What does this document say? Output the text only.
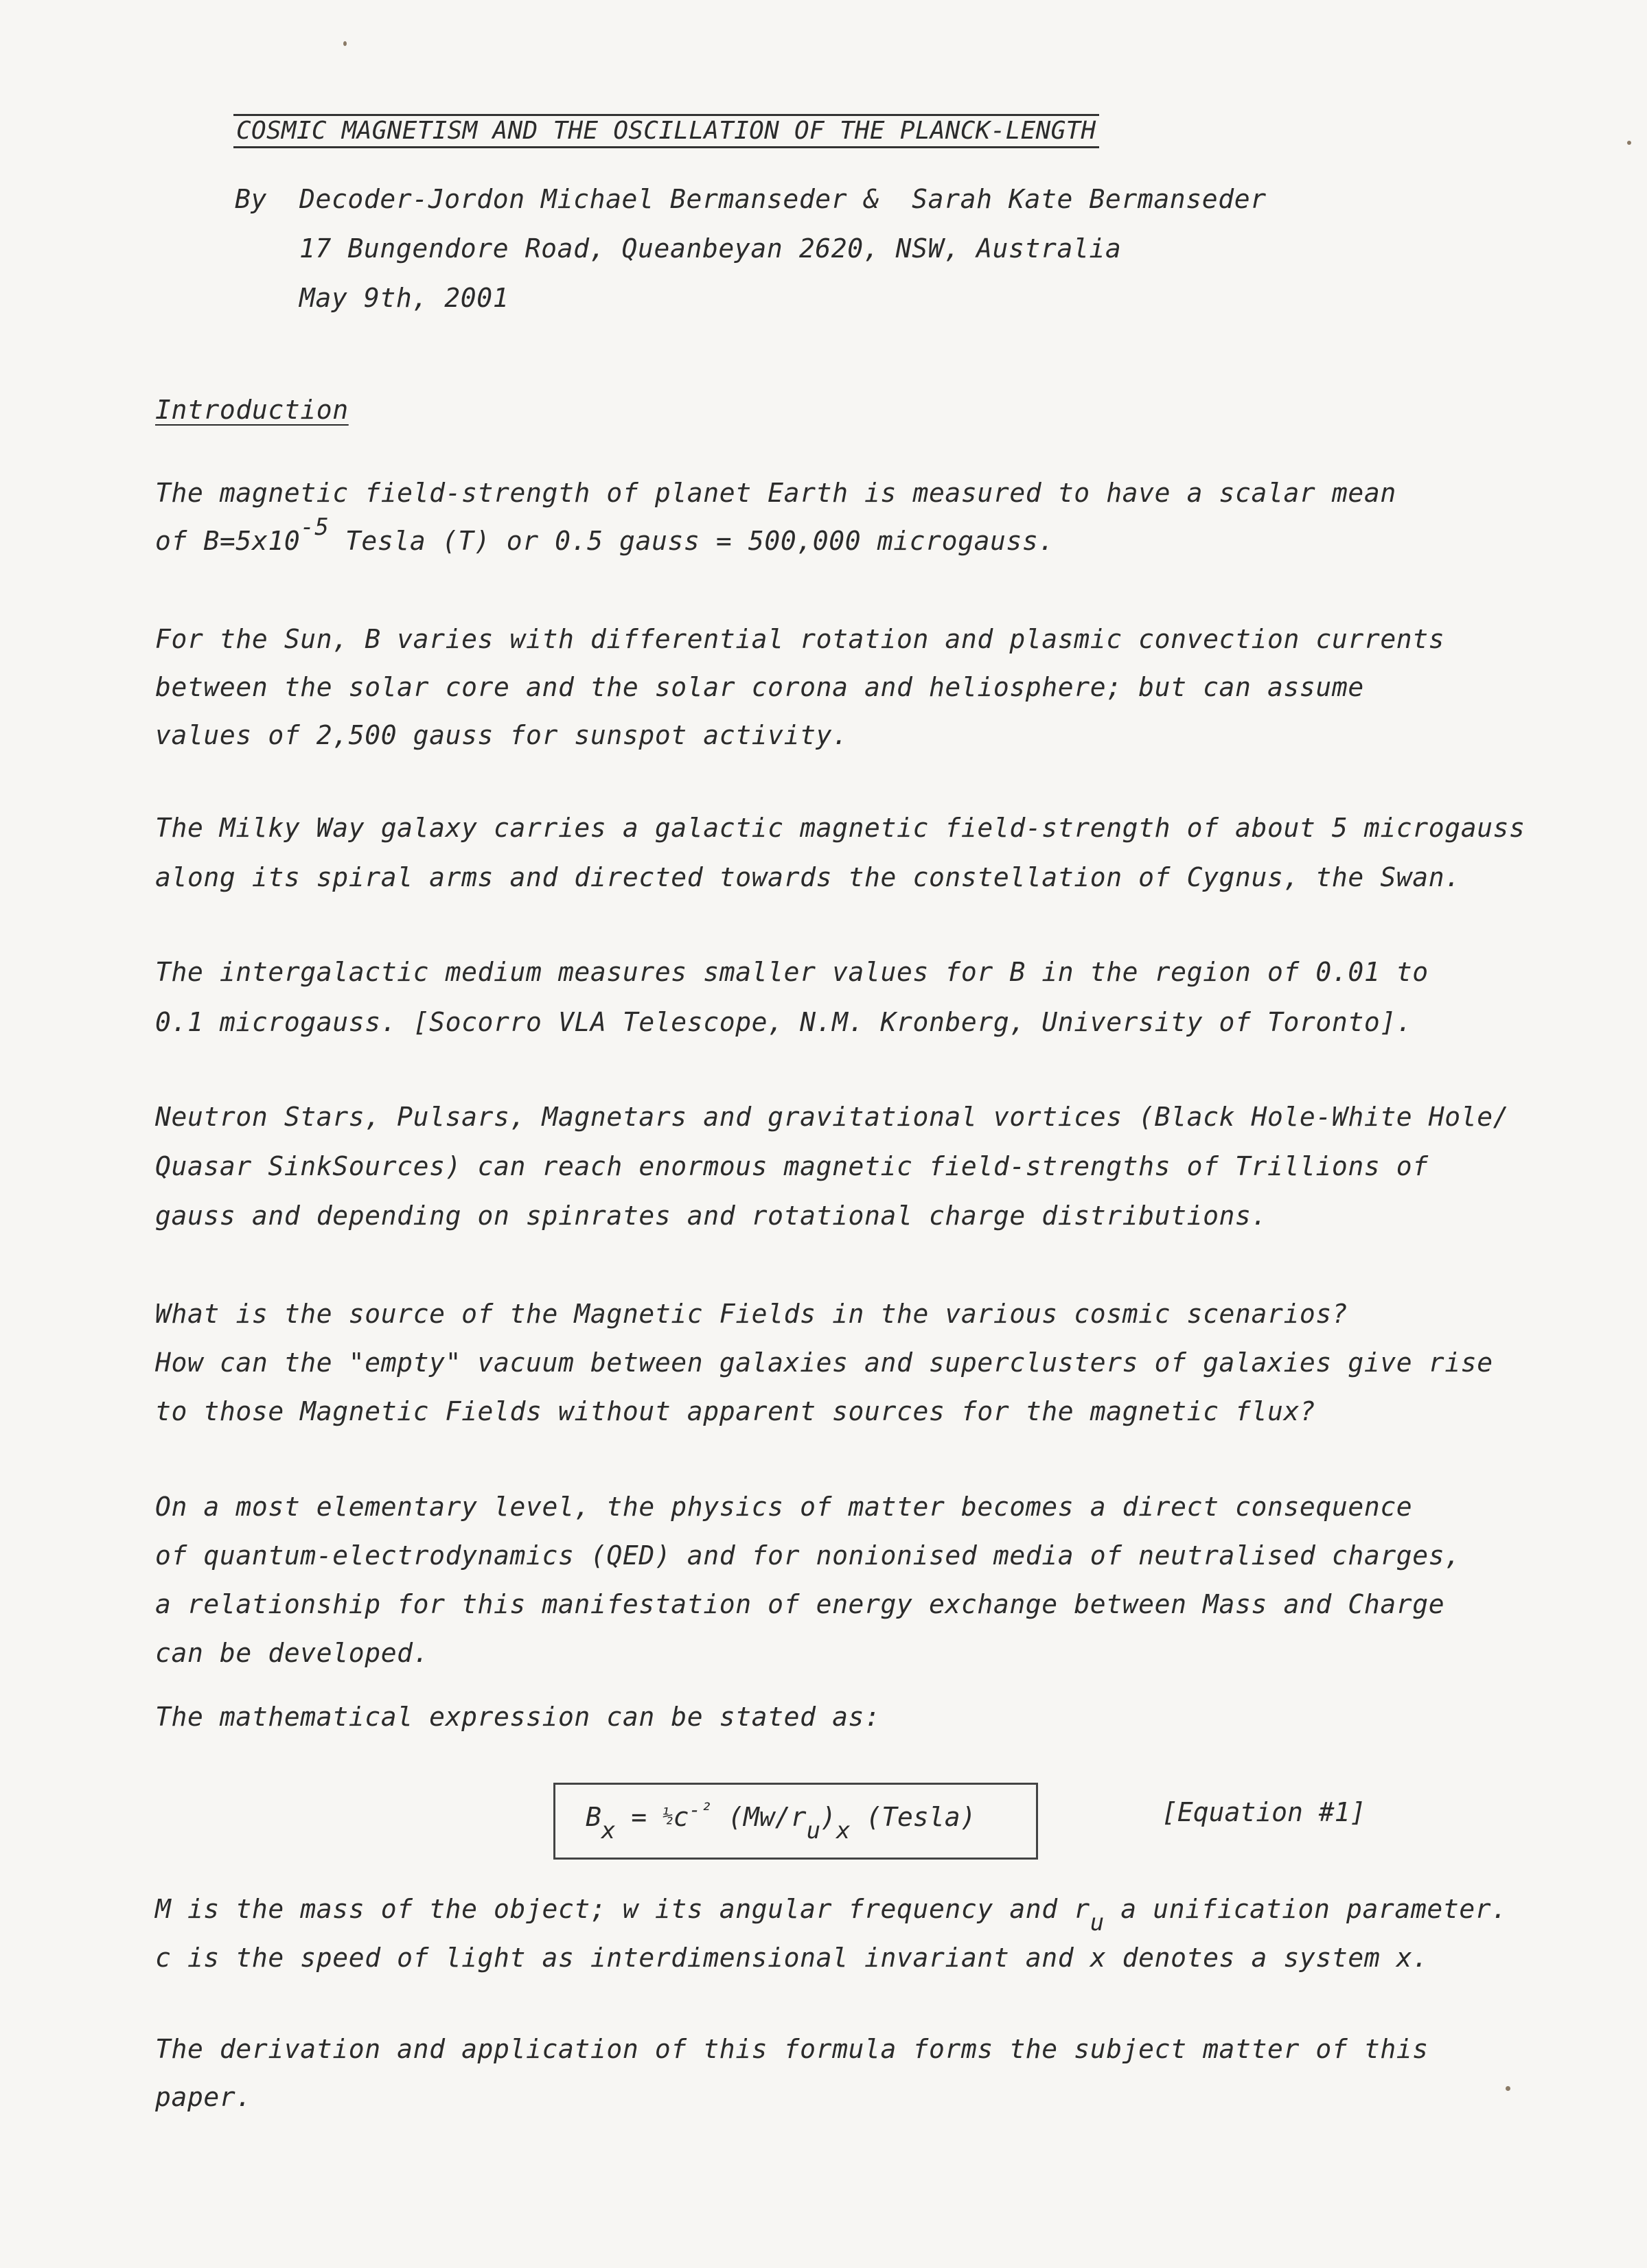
COSMIC MAGNETISM AND THE OSCILLATION OF THE PLANCK-LENGTH
By Decoder-Jordon Michael Bermanseder &  Sarah Kate Bermanseder
17 Bungendore Road, Queanbeyan 2620, NSW, Australia
May 9th, 2001
Introduction
The magnetic field-strength of planet Earth is measured to have a scalar mean
of B=5x10-5 Tesla (T) or 0.5 gauss = 500,000 microgauss.
For the Sun, B varies with differential rotation and plasmic convection currents
between the solar core and the solar corona and heliosphere; but can assume
values of 2,500 gauss for sunspot activity.
The Milky Way galaxy carries a galactic magnetic field-strength of about 5 microgauss
along its spiral arms and directed towards the constellation of Cygnus, the Swan.
The intergalactic medium measures smaller values for B in the region of 0.01 to
0.1 microgauss. [Socorro VLA Telescope, N.M. Kronberg, University of Toronto].
Neutron Stars, Pulsars, Magnetars and gravitational vortices (Black Hole-White Hole/
Quasar SinkSources) can reach enormous magnetic field-strengths of Trillions of
gauss and depending on spinrates and rotational charge distributions.
What is the source of the Magnetic Fields in the various cosmic scenarios?
How can the "empty" vacuum between galaxies and superclusters of galaxies give rise
to those Magnetic Fields without apparent sources for the magnetic flux?
On a most elementary level, the physics of matter becomes a direct consequence
of quantum-electrodynamics (QED) and for nonionised media of neutralised charges,
a relationship for this manifestation of energy exchange between Mass and Charge
can be developed.
The mathematical expression can be stated as:
$Bx = \frac{1}{2}c^{-^2}$ (Mw/ru)x (Tesla)	[Equation #1]
M is the mass of the object; w its angular frequency and ru a unification parameter.
c is the speed of light as interdimensional invariant and x denotes a system x.
The derivation and application of this formula forms the subject matter of this
paper.
